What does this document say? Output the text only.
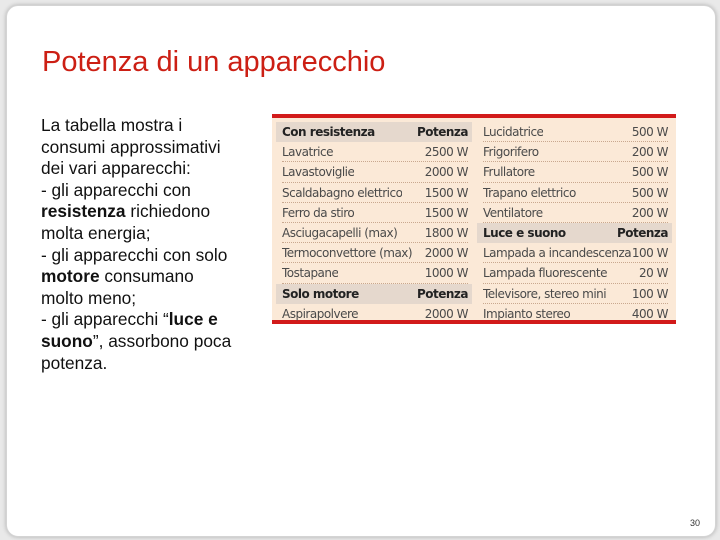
Potenza di un apparecchio
La tabella mostra i
consumi approssimativi
dei vari apparecchi:
- gli apparecchi con
resistenza richiedono
molta energia;
- gli apparecchi con solo
motore consumano
molto meno;
- gli apparecchi “luce e
suono”, assorbono poca
potenza.
Con resistenza	Potenza
Lavatrice	2500 W
Lavastoviglie	2000 W
Scaldabagno elettrico 1500 W
Ferro da stiro	1500 W
Asciugacapelli (max) 1800 W
Termoconvettore (max) 2000 W
Tostapane	1000 W
Solo motore	Potenza
Aspirapolvere	2000 W
Lucidatrice	500 W
Frigorifero	200 W
Frullatore	500 W
Trapano elettrico	500 W
Ventilatore	200 W
Luce e suono	Potenza
Lampada a incandescenza 100 W
Lampada fluorescente	20 W
Televisore, stereo mini 100 W
Impianto stereo	400 W
30
